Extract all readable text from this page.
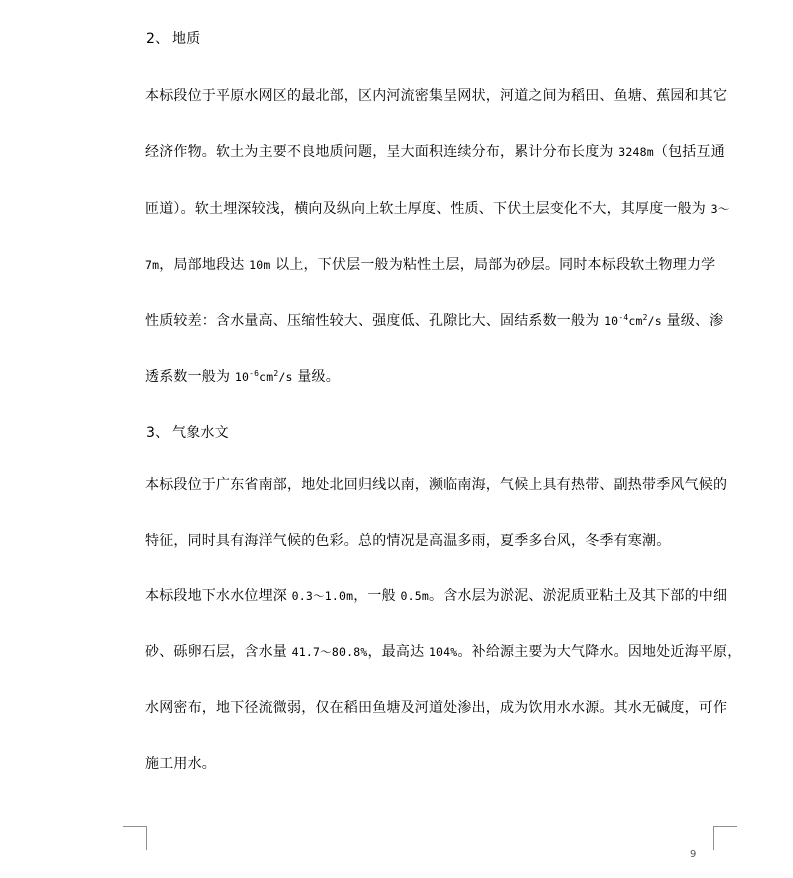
2、 地质
本标段位于平原水网区的最北部，区内河流密集呈网状，河道之间为稻田、鱼塘、蕉园和其它
经济作物。软土为主要不良地质问题，呈大面积连续分布，累计分布长度为 3248m（包括互通
匝道）。软土埋深较浅，横向及纵向上软土厚度、性质、下伏土层变化不大，其厚度一般为 3～
7m，局部地段达 10m 以上，下伏层一般为粘性土层，局部为砂层。同时本标段软土物理力学
性质较差：含水量高、压缩性较大、强度低、孔隙比大、固结系数一般为 $10^{-4}cm^2/s$ 量级、渗
透系数一般为 $10^{-6}cm^2/s$ 量级。
3、 气象水文
本标段位于广东省南部，地处北回归线以南，濒临南海，气候上具有热带、副热带季风气候的
特征，同时具有海洋气候的色彩。总的情况是高温多雨，夏季多台风，冬季有寒潮。
本标段地下水水位埋深 0.3～1.0m，一般 0.5m。含水层为淤泥、淤泥质亚粘土及其下部的中细
砂、砾卵石层，含水量 41.7～80.8%，最高达 104%。补给源主要为大气降水。因地处近海平原，
水网密布，地下径流微弱，仅在稻田鱼塘及河道处渗出，成为饮用水水源。其水无碱度，可作
施工用水。
9
